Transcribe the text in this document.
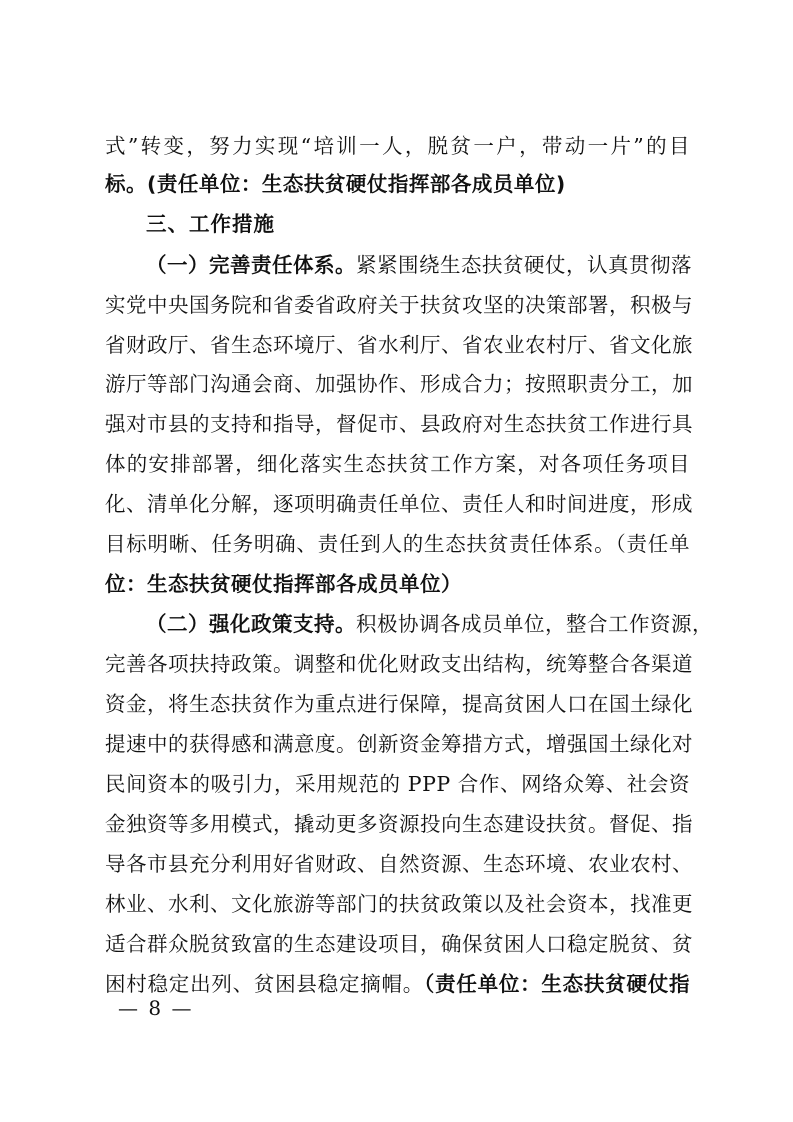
式”转变，努力实现“培训一人，脱贫一户，带动一片”的目
标。(责任单位：生态扶贫硬仗指挥部各成员单位)
三、工作措施
（一）完善责任体系。紧紧围绕生态扶贫硬仗，认真贯彻落
实党中央国务院和省委省政府关于扶贫攻坚的决策部署，积极与
省财政厅、省生态环境厅、省水利厅、省农业农村厅、省文化旅
游厅等部门沟通会商、加强协作、形成合力；按照职责分工，加
强对市县的支持和指导，督促市、县政府对生态扶贫工作进行具
体的安排部署，细化落实生态扶贫工作方案，对各项任务项目
化、清单化分解，逐项明确责任单位、责任人和时间进度，形成
目标明晰、任务明确、责任到人的生态扶贫责任体系。（责任单
位：生态扶贫硬仗指挥部各成员单位）
（二）强化政策支持。积极协调各成员单位，整合工作资源，
完善各项扶持政策。调整和优化财政支出结构，统筹整合各渠道
资金，将生态扶贫作为重点进行保障，提高贫困人口在国土绿化
提速中的获得感和满意度。创新资金筹措方式，增强国土绿化对
民间资本的吸引力，采用规范的 PPP 合作、网络众筹、社会资
金独资等多用模式，撬动更多资源投向生态建设扶贫。督促、指
导各市县充分利用好省财政、自然资源、生态环境、农业农村、
林业、水利、文化旅游等部门的扶贫政策以及社会资本，找准更
适合群众脱贫致富的生态建设项目，确保贫困人口稳定脱贫、贫
困村稳定出列、贫困县稳定摘帽。（责任单位：生态扶贫硬仗指
— 8 —
